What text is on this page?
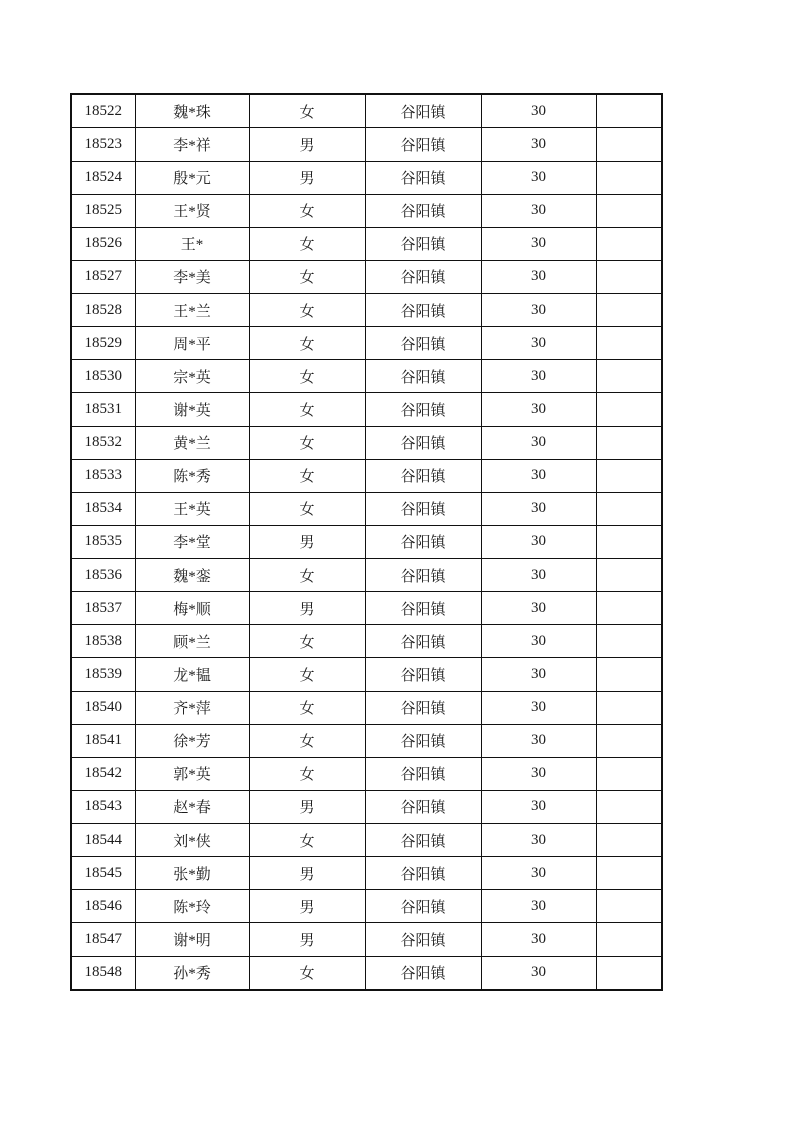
18522	魏*珠	女	谷阳镇	30	
18523	李*祥	男	谷阳镇	30	
18524	殷*元	男	谷阳镇	30	
18525	王*贤	女	谷阳镇	30	
18526	王*	女	谷阳镇	30	
18527	李*美	女	谷阳镇	30	
18528	王*兰	女	谷阳镇	30	
18529	周*平	女	谷阳镇	30	
18530	宗*英	女	谷阳镇	30	
18531	谢*英	女	谷阳镇	30	
18532	黄*兰	女	谷阳镇	30	
18533	陈*秀	女	谷阳镇	30	
18534	王*英	女	谷阳镇	30	
18535	李*堂	男	谷阳镇	30	
18536	魏*銮	女	谷阳镇	30	
18537	梅*顺	男	谷阳镇	30	
18538	顾*兰	女	谷阳镇	30	
18539	龙*韫	女	谷阳镇	30	
18540	齐*萍	女	谷阳镇	30	
18541	徐*芳	女	谷阳镇	30	
18542	郭*英	女	谷阳镇	30	
18543	赵*春	男	谷阳镇	30	
18544	刘*侠	女	谷阳镇	30	
18545	张*勤	男	谷阳镇	30	
18546	陈*玲	男	谷阳镇	30	
18547	谢*明	男	谷阳镇	30	
18548	孙*秀	女	谷阳镇	30	
